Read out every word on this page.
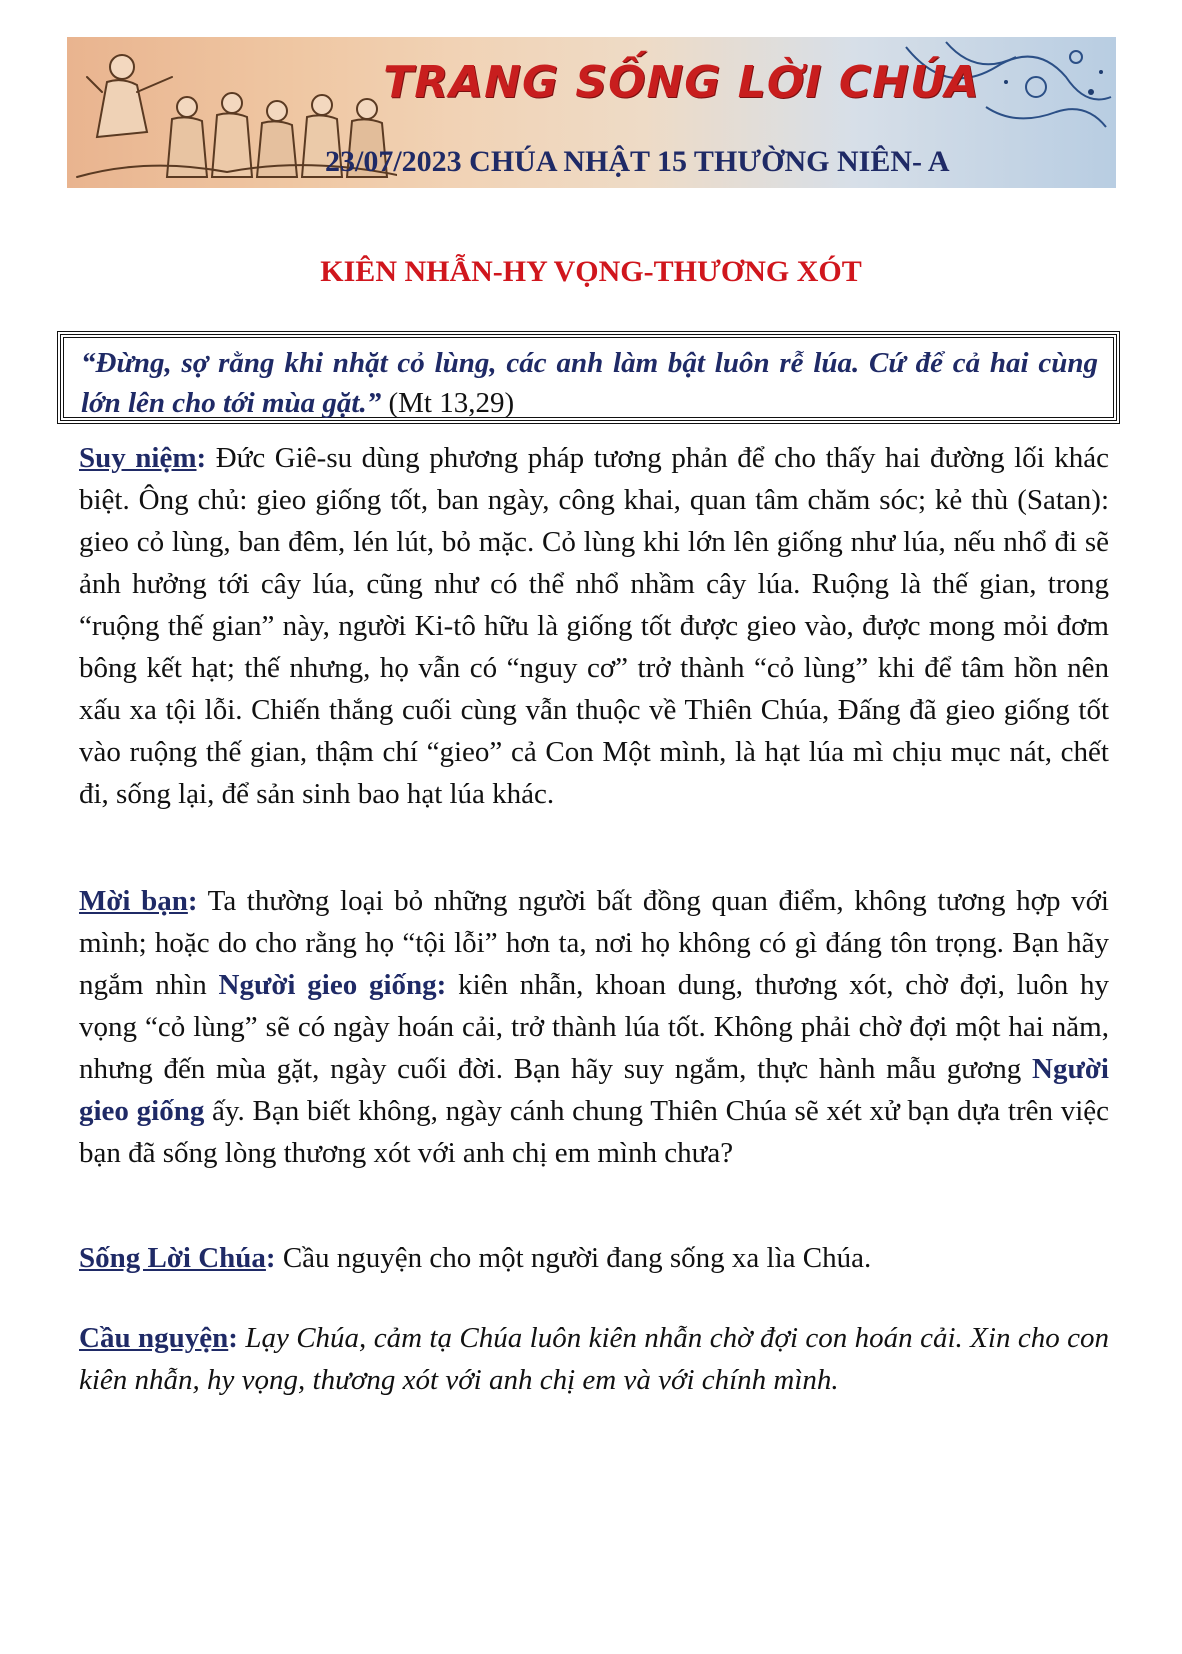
TRANG SỐNG LỜI CHÚA
23/07/2023 CHÚA NHẬT 15 THƯỜNG NIÊN- A
KIÊN NHẪN-HY VỌNG-THƯƠNG XÓT
“Đừng, sợ rằng khi nhặt cỏ lùng, các anh làm bật luôn rễ lúa. Cứ để cả hai cùng lớn lên cho tới mùa gặt.” (Mt 13,29)
Suy niệm: Đức Giê-su dùng phương pháp tương phản để cho thấy hai đường lối khác biệt. Ông chủ: gieo giống tốt, ban ngày, công khai, quan tâm chăm sóc; kẻ thù (Satan): gieo cỏ lùng, ban đêm, lén lút, bỏ mặc. Cỏ lùng khi lớn lên giống như lúa, nếu nhổ đi sẽ ảnh hưởng tới cây lúa, cũng như có thể nhổ nhầm cây lúa. Ruộng là thế gian, trong “ruộng thế gian” này, người Ki-tô hữu là giống tốt được gieo vào, được mong mỏi đơm bông kết hạt; thế nhưng, họ vẫn có “nguy cơ” trở thành “cỏ lùng” khi để tâm hồn nên xấu xa tội lỗi. Chiến thắng cuối cùng vẫn thuộc về Thiên Chúa, Đấng đã gieo giống tốt vào ruộng thế gian, thậm chí “gieo” cả Con Một mình, là hạt lúa mì chịu mục nát, chết đi, sống lại, để sản sinh bao hạt lúa khác.
Mời bạn: Ta thường loại bỏ những người bất đồng quan điểm, không tương hợp với mình; hoặc do cho rằng họ “tội lỗi” hơn ta, nơi họ không có gì đáng tôn trọng. Bạn hãy ngắm nhìn Người gieo giống: kiên nhẫn, khoan dung, thương xót, chờ đợi, luôn hy vọng “cỏ lùng” sẽ có ngày hoán cải, trở thành lúa tốt. Không phải chờ đợi một hai năm, nhưng đến mùa gặt, ngày cuối đời. Bạn hãy suy ngắm, thực hành mẫu gương Người gieo giống ấy. Bạn biết không, ngày cánh chung Thiên Chúa sẽ xét xử bạn dựa trên việc bạn đã sống lòng thương xót với anh chị em mình chưa?
Sống Lời Chúa: Cầu nguyện cho một người đang sống xa lìa Chúa.
Cầu nguyện: Lạy Chúa, cảm tạ Chúa luôn kiên nhẫn chờ đợi con hoán cải. Xin cho con kiên nhẫn, hy vọng, thương xót với anh chị em và với chính mình.
